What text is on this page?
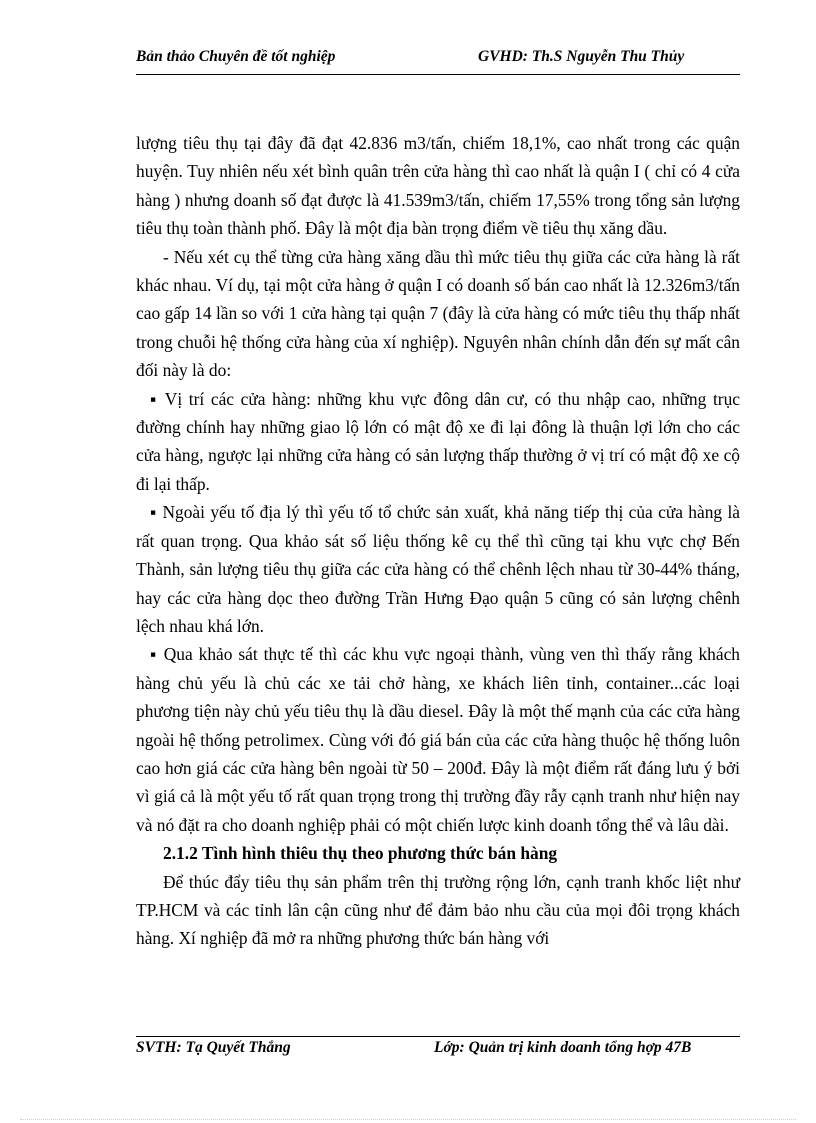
Bản thảo Chuyên đề tốt nghiệp	GVHD: Th.S Nguyễn Thu Thủy

lượng tiêu thụ tại đây đã đạt 42.836 m3/tấn, chiếm 18,1%, cao nhất trong các quận huyện. Tuy nhiên nếu xét bình quân trên cửa hàng thì cao nhất là quận I ( chỉ có 4 cửa hàng ) nhưng doanh số đạt được là 41.539m3/tấn, chiếm 17,55% trong tổng sản lượng tiêu thụ toàn thành phố. Đây là một địa bàn trọng điểm về tiêu thụ xăng dầu.

- Nếu xét cụ thể từng cửa hàng xăng dầu thì mức tiêu thụ giữa các cửa hàng là rất khác nhau. Ví dụ, tại một cửa hàng ở quận I có doanh số bán cao nhất là 12.326m3/tấn cao gấp 14 lần so với 1 cửa hàng tại quận 7 (đây là cửa hàng có mức tiêu thụ thấp nhất trong chuỗi hệ thống cửa hàng của xí nghiệp). Nguyên nhân chính dẫn đến sự mất cân đối này là do:

▪ Vị trí các cửa hàng: những khu vực đông dân cư, có thu nhập cao, những trục đường chính hay những giao lộ lớn có mật độ xe đi lại đông là thuận lợi lớn cho các cửa hàng, ngược lại những cửa hàng có sản lượng thấp thường ở vị trí có mật độ xe cộ đi lại thấp.

▪ Ngoài yếu tố địa lý thì yếu tố tổ chức sản xuất, khả năng tiếp thị của cửa hàng là rất quan trọng. Qua khảo sát số liệu thống kê cụ thể thì cũng tại khu vực chợ Bến Thành, sản lượng tiêu thụ giữa các cửa hàng có thể chênh lệch nhau từ 30-44% tháng, hay các cửa hàng dọc theo đường Trần Hưng Đạo quận 5 cũng có sản lượng chênh lệch nhau khá lớn.

▪ Qua khảo sát thực tế thì các khu vực ngoại thành, vùng ven thì thấy rằng khách hàng chủ yếu là chủ các xe tải chở hàng, xe khách liên tỉnh, container...các loại phương tiện này chủ yếu tiêu thụ là dầu diesel. Đây là một thế mạnh của các cửa hàng ngoài hệ thống petrolimex. Cùng với đó giá bán của các cửa hàng thuộc hệ thống luôn cao hơn giá các cửa hàng bên ngoài từ 50 – 200đ. Đây là một điểm rất đáng lưu ý bởi vì giá cả là một yếu tố rất quan trọng trong thị trường đầy rẫy cạnh tranh như hiện nay và nó đặt ra cho doanh nghiệp phải có một chiến lược kinh doanh tổng thể và lâu dài.

2.1.2 Tình hình thiêu thụ theo phương thức bán hàng

Để thúc đẩy tiêu thụ sản phẩm trên thị trường rộng lớn, cạnh tranh khốc liệt như TP.HCM và các tỉnh lân cận cũng như để đảm bảo nhu cầu của mọi đôi trọng khách hàng. Xí nghiệp đã mở ra những phương thức bán hàng với

SVTH: Tạ Quyết Thắng	Lớp: Quản trị kinh doanh tổng hợp 47B
